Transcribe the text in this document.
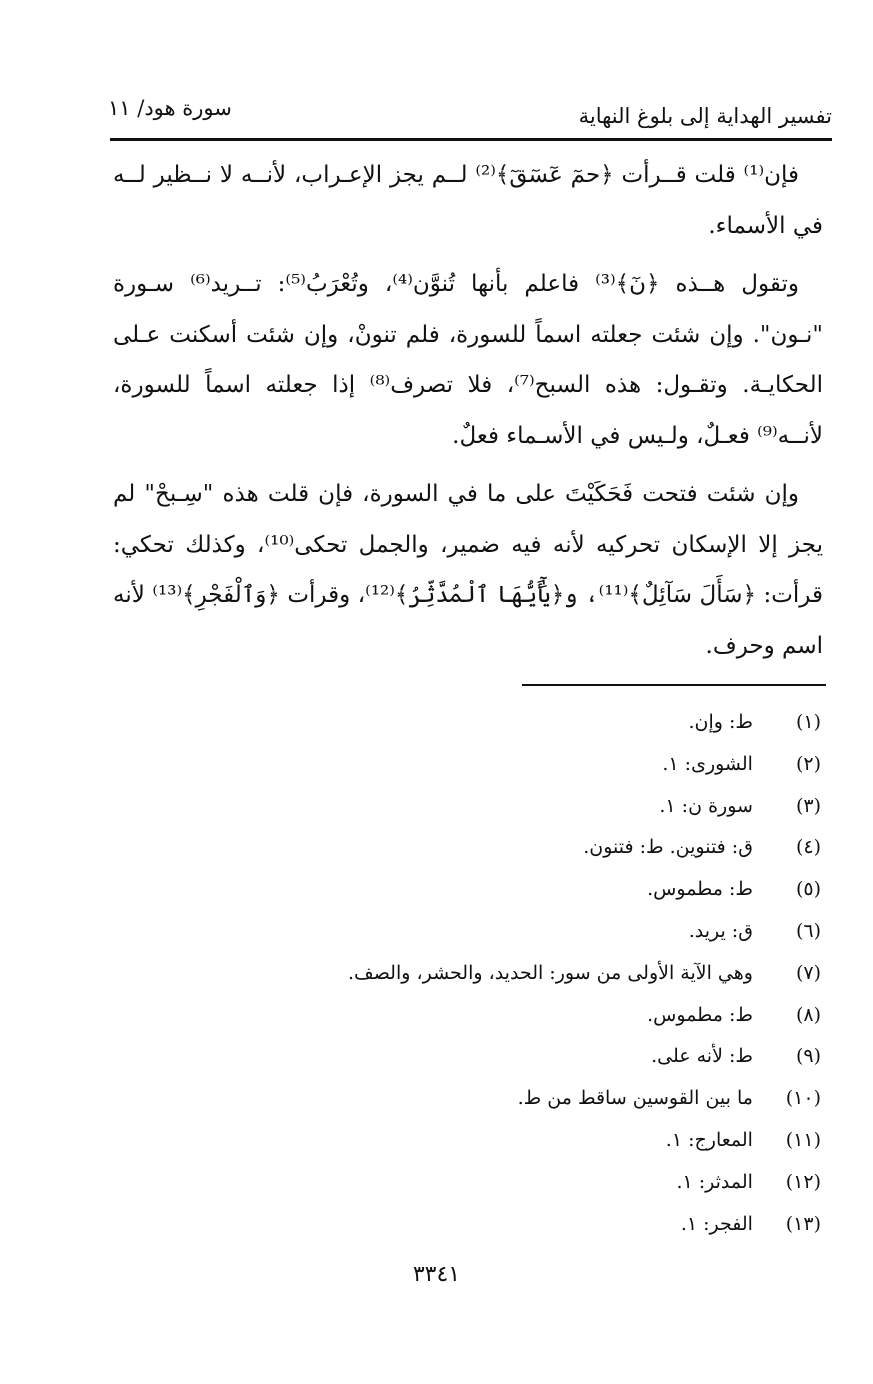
تفسير الهداية إلى بلوغ النهاية
سورة هود/ ١١

فإن⁽¹⁾ قلت قــرأت ﴿حمٓ عٓسٓقٓ﴾⁽²⁾ لــم يجز الإعـراب، لأنــه لا نــظير لــه في الأسماء.

وتقول هــذه ﴿نٓ﴾⁽³⁾ فاعلم بأنها تُنوَّن⁽⁴⁾، وتُعْرَبُ⁽⁵⁾: تــريد⁽⁶⁾ سـورة "نـون". وإن شئت جعلته اسماً للسورة، فلم تنونْ، وإن شئت أسكنت عـلى الحكايـة. وتقـول: هذه السبح⁽⁷⁾، فلا تصرف⁽⁸⁾ إذا جعلته اسماً للسورة، لأنــه⁽⁹⁾ فعـلٌ، ولـيس في الأسـماء فعلٌ.

وإن شئت فتحت فَحَكَيْتَ على ما في السورة، فإن قلت هذه "سِـبحْ" لم يجز إلا الإسكان تحركيه لأنه فيه ضمير، والجمل تحكى⁽¹⁰⁾، وكذلك تحكي: قرأت: ﴿سَأَلَ سَآئِلٌ﴾⁽¹¹⁾، و﴿يَٰٓأَيُّهَا ٱلْمُدَّثِّرُ﴾⁽¹²⁾، وقرأت ﴿وَٱلْفَجْرِ﴾⁽¹³⁾ لأنه اسم وحرف.

(١) ط: وإن.
(٢) الشورى: ١.
(٣) سورة ن: ١.
(٤) ق: فتنوين. ط: فتنون.
(٥) ط: مطموس.
(٦) ق: يريد.
(٧) وهي الآية الأولى من سور: الحديد، والحشر، والصف.
(٨) ط: مطموس.
(٩) ط: لأنه على.
(١٠) ما بين القوسين ساقط من ط.
(١١) المعارج: ١.
(١٢) المدثر: ١.
(١٣) الفجر: ١.
٣٣٤١
